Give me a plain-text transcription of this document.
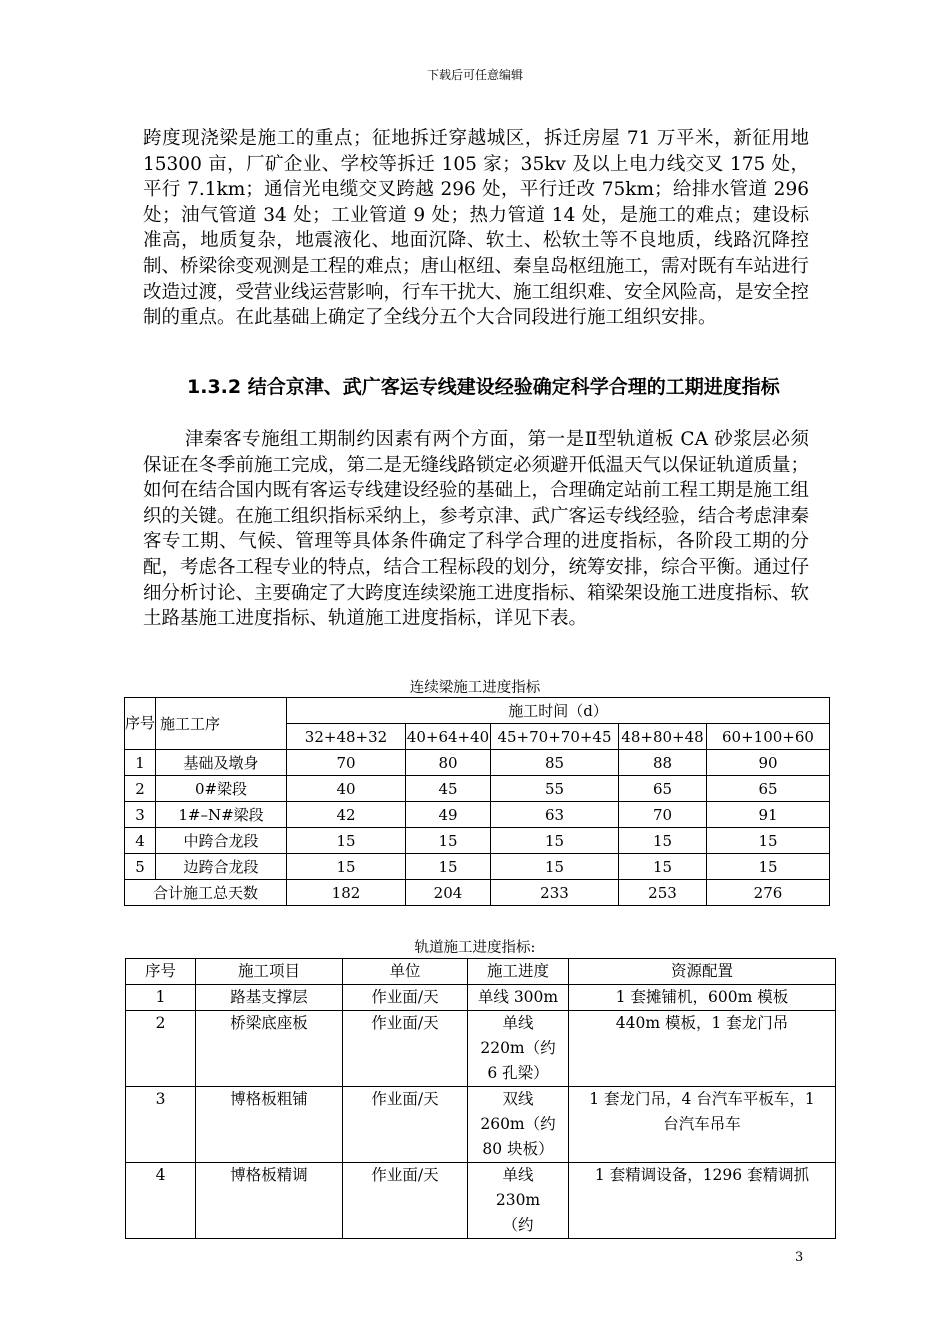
下载后可任意编辑
跨度现浇梁是施工的重点；征地拆迁穿越城区，拆迁房屋 71 万平米，新征用地 15300 亩，厂矿企业、学校等拆迁 105 家；35kv 及以上电力线交叉 175 处，平行 7.1km；通信光电缆交叉跨越 296 处，平行迁改 75km；给排水管道 296 处；油气管道 34 处；工业管道 9 处；热力管道 14 处，是施工的难点；建设标准高，地质复杂，地震液化、地面沉降、软土、松软土等不良地质，线路沉降控制、桥梁徐变观测是工程的难点；唐山枢纽、秦皇岛枢纽施工，需对既有车站进行改造过渡，受营业线运营影响，行车干扰大、施工组织难、安全风险高，是安全控制的重点。在此基础上确定了全线分五个大合同段进行施工组织安排。
1.3.2 结合京津、武广客运专线建设经验确定科学合理的工期进度指标
津秦客专施组工期制约因素有两个方面，第一是Ⅱ型轨道板 CA 砂浆层必须保证在冬季前施工完成，第二是无缝线路锁定必须避开低温天气以保证轨道质量；如何在结合国内既有客运专线建设经验的基础上，合理确定站前工程工期是施工组织的关键。在施工组织指标采纳上，参考京津、武广客运专线经验，结合考虑津秦客专工期、气候、管理等具体条件确定了科学合理的进度指标，各阶段工期的分配，考虑各工程专业的特点，结合工程标段的划分，统筹安排，综合平衡。通过仔细分析讨论、主要确定了大跨度连续梁施工进度指标、箱梁架设施工进度指标、软土路基施工进度指标、轨道施工进度指标，详见下表。
连续梁施工进度指标
序号	施工工序	施工时间（d）				
		32+48+32	40+64+40	45+70+70+45	48+80+48	60+100+60
1	基础及墩身	70	80	85	88	90
2	0#梁段	40	45	55	65	65
3	1#–N#梁段	42	49	63	70	91
4	中跨合龙段	15	15	15	15	15
5	边跨合龙段	15	15	15	15	15
合计施工总天数		182	204	233	253	276
轨道施工进度指标:
序号	施工项目	单位	施工进度	资源配置
1	路基支撑层	作业面/天	单线 300m	1 套摊铺机，600m 模板
2	桥梁底座板	作业面/天	单线 220m（约 6 孔梁）	440m 模板，1 套龙门吊
3	博格板粗铺	作业面/天	双线 260m（约 80 块板）	1 套龙门吊，4 台汽车平板车，1 台汽车吊车
4	博格板精调	作业面/天	单线 230m（约	1 套精调设备，1296 套精调抓
3
